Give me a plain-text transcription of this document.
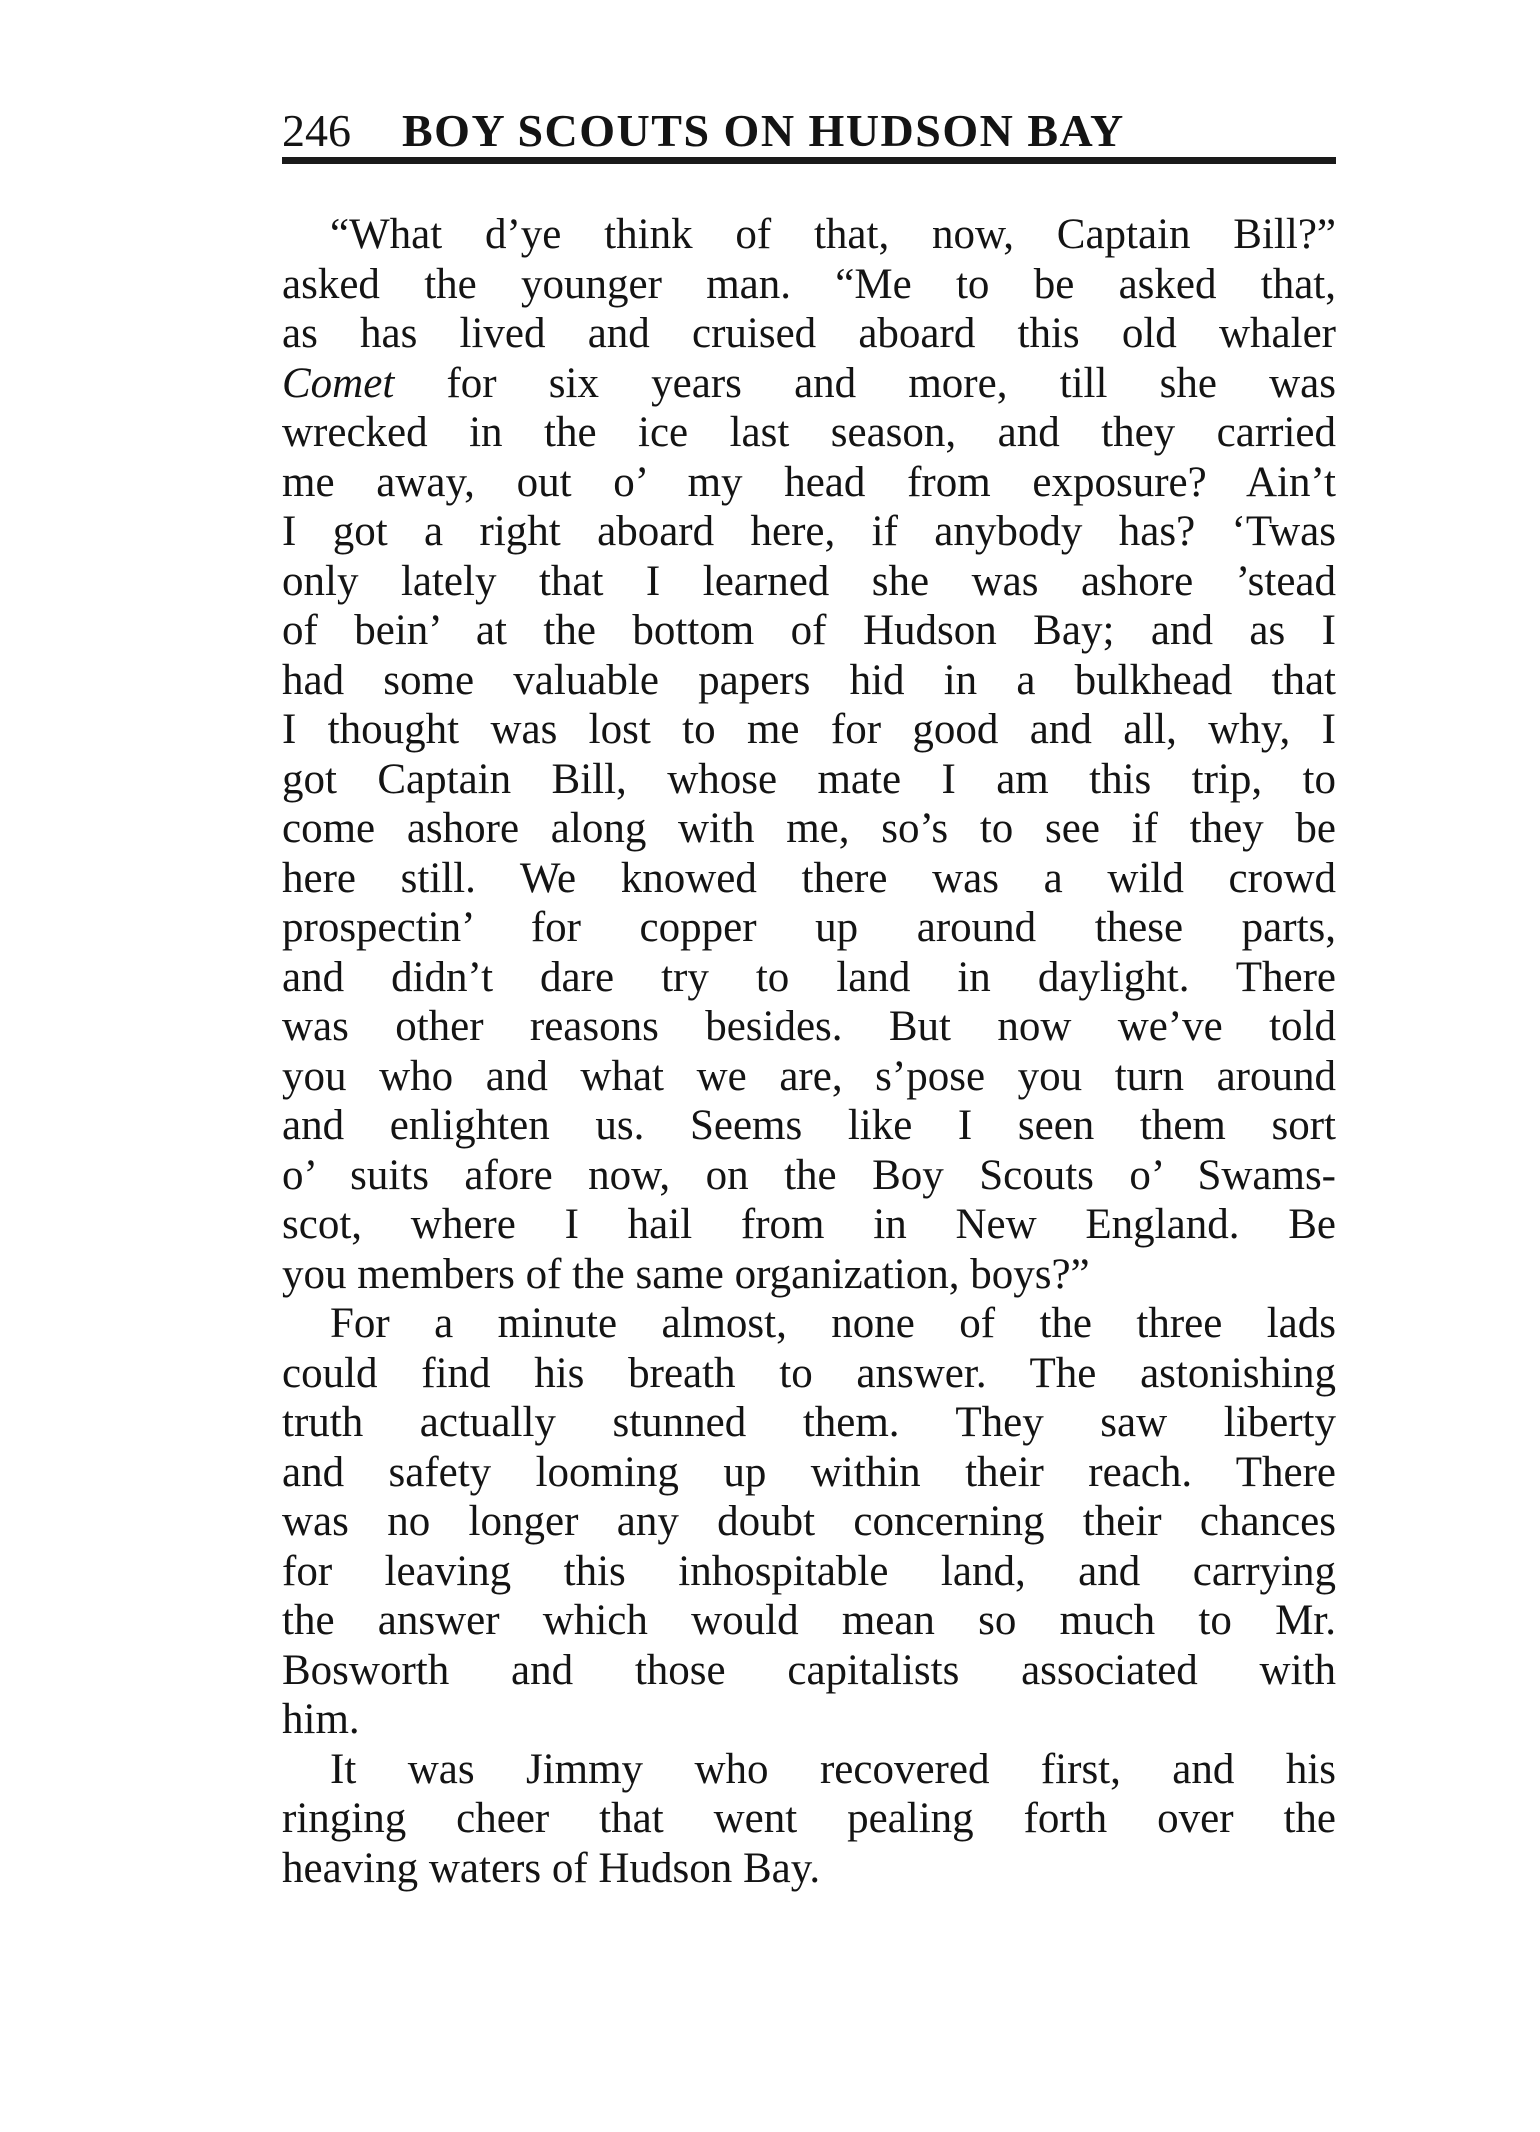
246 BOY SCOUTS ON HUDSON BAY
“What d’ye think of that, now, Captain Bill?”
asked the younger man. “Me to be asked that,
as has lived and cruised aboard this old whaler
Comet for six years and more, till she was
wrecked in the ice last season, and they carried
me away, out o’ my head from exposure? Ain’t
I got a right aboard here, if anybody has? ‘Twas
only lately that I learned she was ashore ’stead
of bein’ at the bottom of Hudson Bay; and as I
had some valuable papers hid in a bulkhead that
I thought was lost to me for good and all, why, I
got Captain Bill, whose mate I am this trip, to
come ashore along with me, so’s to see if they be
here still. We knowed there was a wild crowd
prospectin’ for copper up around these parts,
and didn’t dare try to land in daylight. There
was other reasons besides. But now we’ve told
you who and what we are, s’pose you turn around
and enlighten us. Seems like I seen them sort
o’ suits afore now, on the Boy Scouts o’ Swams-
scot, where I hail from in New England. Be
you members of the same organization, boys?”
For a minute almost, none of the three lads
could find his breath to answer. The astonishing
truth actually stunned them. They saw liberty
and safety looming up within their reach. There
was no longer any doubt concerning their chances
for leaving this inhospitable land, and carrying
the answer which would mean so much to Mr.
Bosworth and those capitalists associated with
him.
It was Jimmy who recovered first, and his
ringing cheer that went pealing forth over the
heaving waters of Hudson Bay.
